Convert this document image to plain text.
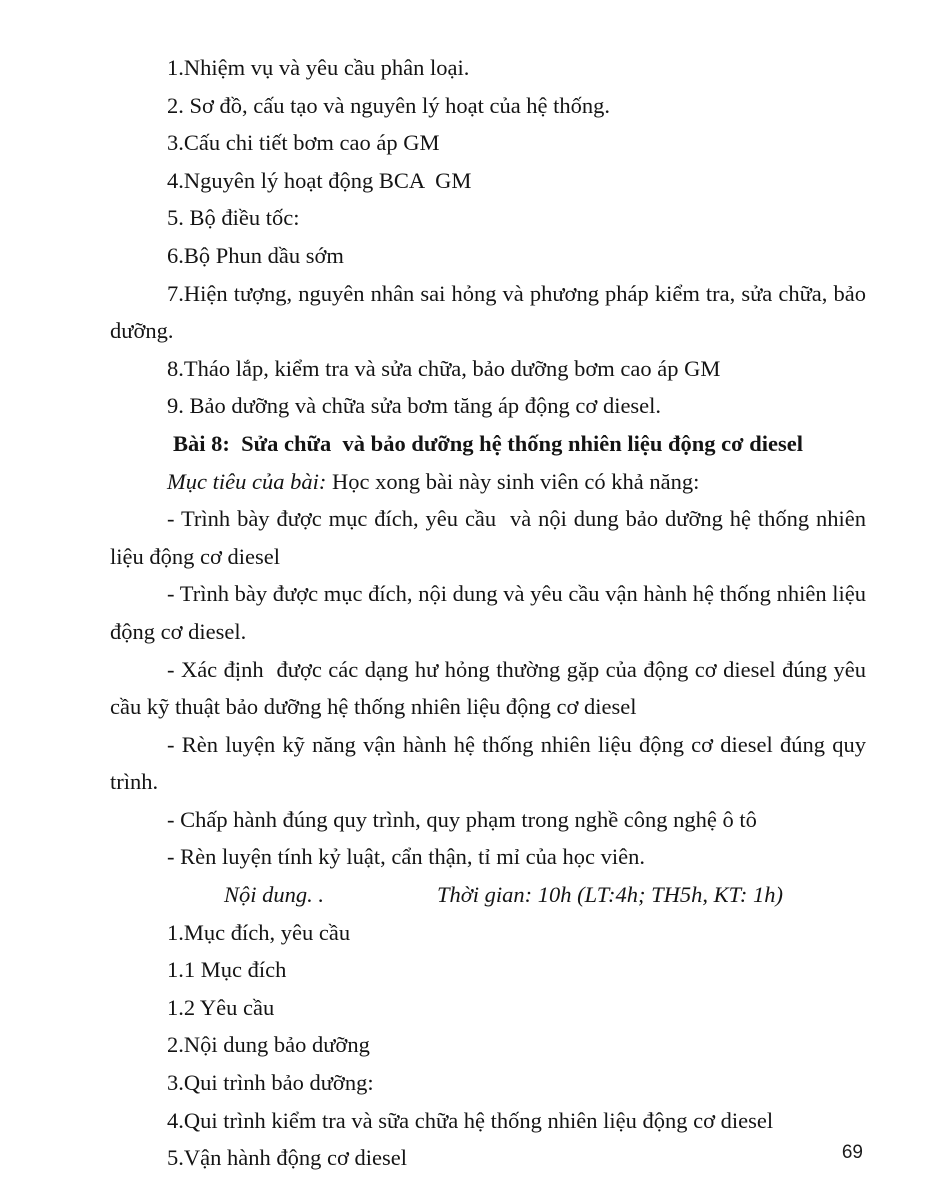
1.Nhiệm vụ và yêu cầu phân loại.

2. Sơ đồ, cấu tạo và nguyên lý hoạt của hệ thống.

3.Cấu chi tiết bơm cao áp GM

4.Nguyên lý hoạt động BCA  GM

5. Bộ điều tốc:

6.Bộ Phun dầu sớm

7.Hiện tượng, nguyên nhân sai hỏng và phương pháp kiểm tra, sửa chữa, bảo dưỡng.

8.Tháo lắp, kiểm tra và sửa chữa, bảo dưỡng bơm cao áp GM

9. Bảo dưỡng và chữa sửa bơm tăng áp động cơ diesel.

Bài 8:  Sửa chữa  và bảo dưỡng hệ thống nhiên liệu động cơ diesel

Mục tiêu của bài: Học xong bài này sinh viên có khả năng:

- Trình bày được mục đích, yêu cầu  và nội dung bảo dưỡng hệ thống nhiên liệu động cơ diesel

- Trình bày được mục đích, nội dung và yêu cầu vận hành hệ thống nhiên liệu động cơ diesel.

- Xác định  được các dạng hư hỏng thường gặp của động cơ diesel đúng yêu cầu kỹ thuật bảo dưỡng hệ thống nhiên liệu động cơ diesel

- Rèn luyện kỹ năng vận hành hệ thống nhiên liệu động cơ diesel đúng quy trình.

- Chấp hành đúng quy trình, quy phạm trong nghề công nghệ ô tô

- Rèn luyện tính kỷ luật, cẩn thận, tỉ mỉ của học viên.

Nội dung. .	Thời gian: 10h (LT:4h; TH5h, KT: 1h)

1.Mục đích, yêu cầu

1.1 Mục đích

1.2 Yêu cầu

2.Nội dung bảo dưỡng

3.Qui trình bảo dưỡng:

4.Qui trình kiểm tra và sữa chữa hệ thống nhiên liệu động cơ diesel

5.Vận hành động cơ diesel	69
